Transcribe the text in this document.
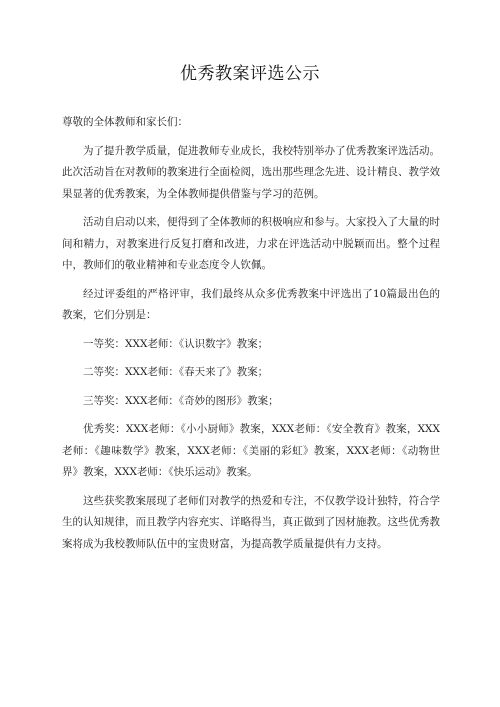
优秀教案评选公示

尊敬的全体教师和家长们：

为了提升教学质量，促进教师专业成长，我校特别举办了优秀教案评选活动。此次活动旨在对教师的教案进行全面检阅，选出那些理念先进、设计精良、教学效果显著的优秀教案，为全体教师提供借鉴与学习的范例。

活动自启动以来，便得到了全体教师的积极响应和参与。大家投入了大量的时间和精力，对教案进行反复打磨和改进，力求在评选活动中脱颖而出。整个过程中，教师们的敬业精神和专业态度令人钦佩。

经过评委组的严格评审，我们最终从众多优秀教案中评选出了10篇最出色的教案，它们分别是：

一等奖：XXX老师：《认识数字》教案；

二等奖：XXX老师：《春天来了》教案；

三等奖：XXX老师：《奇妙的图形》教案；

优秀奖：XXX老师：《小小厨师》教案，XXX老师：《安全教育》教案，XXX老师：《趣味数学》教案，XXX老师：《美丽的彩虹》教案，XXX老师：《动物世界》教案，XXX老师：《快乐运动》教案。

这些获奖教案展现了老师们对教学的热爱和专注，不仅教学设计独特，符合学生的认知规律，而且教学内容充实、详略得当，真正做到了因材施教。这些优秀教案将成为我校教师队伍中的宝贵财富，为提高教学质量提供有力支持。
